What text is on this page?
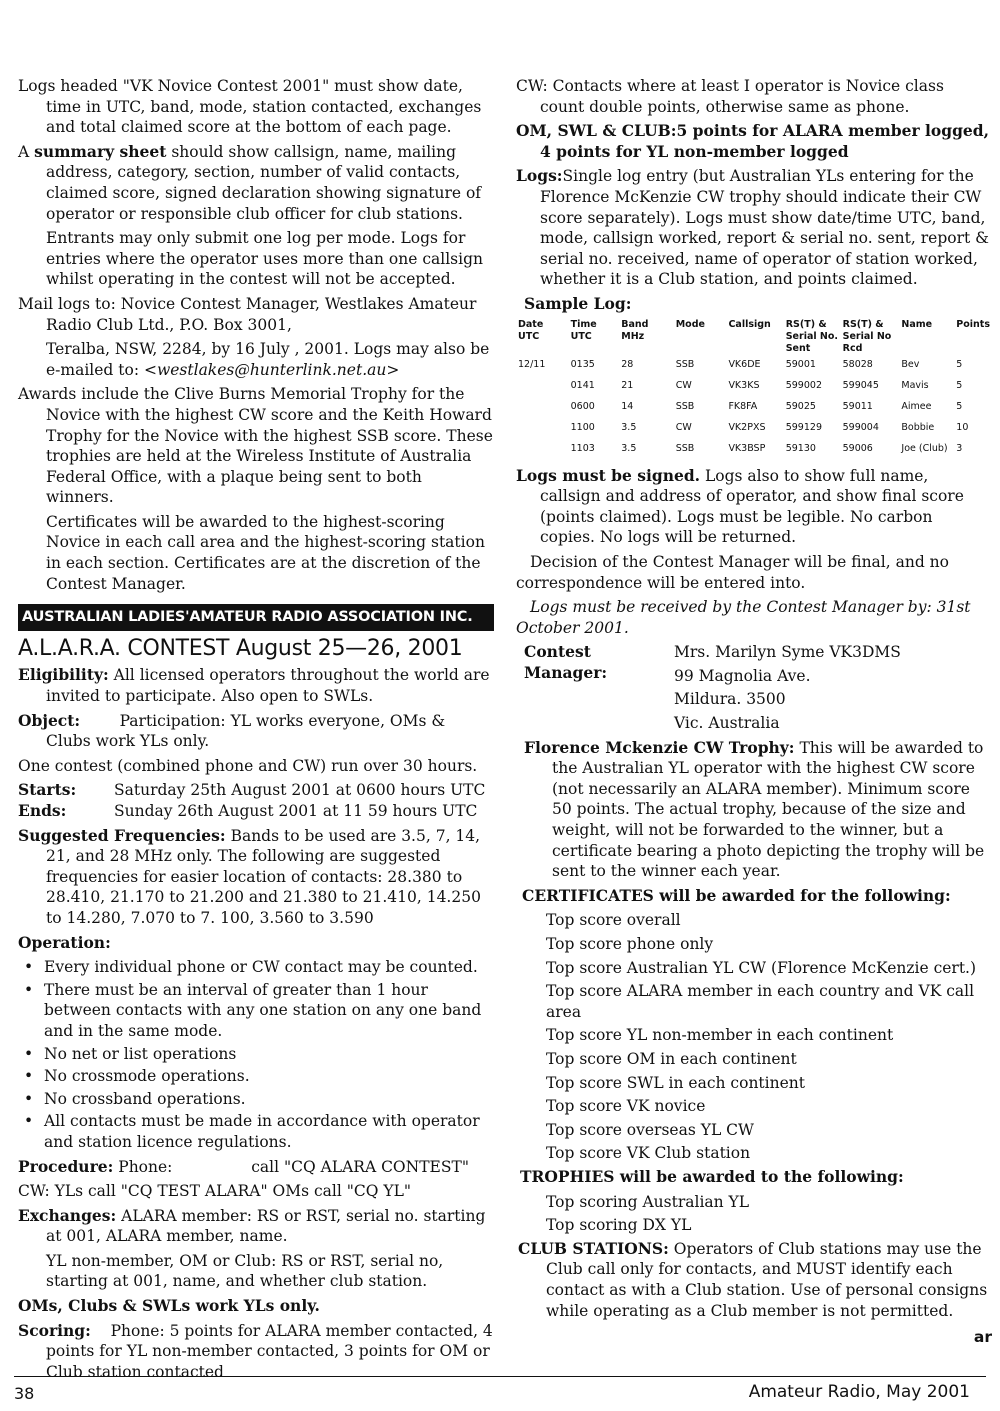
Logs headed "VK Novice Contest 2001" must show date, time in UTC, band, mode, station contacted, exchanges and total claimed score at the bottom of each page.

A summary sheet should show callsign, name, mailing address, category, section, number of valid contacts, claimed score, signed declaration showing signature of operator or responsible club officer for club stations.

Entrants may only submit one log per mode. Logs for entries where the operator uses more than one callsign whilst operating in the contest will not be accepted.

Mail logs to: Novice Contest Manager, Westlakes Amateur Radio Club Ltd., P.O. Box 3001,

Teralba, NSW, 2284, by 16 July , 2001. Logs may also be e-mailed to: <westlakes@hunterlink.net.au>

Awards include the Clive Burns Memorial Trophy for the Novice with the highest CW score and the Keith Howard Trophy for the Novice with the highest SSB score. These trophies are held at the Wireless Institute of Australia Federal Office, with a plaque being sent to both winners.

Certificates will be awarded to the highest-scoring Novice in each call area and the highest-scoring station in each section. Certificates are at the discretion of the Contest Manager.

AUSTRALIAN LADIES'AMATEUR RADIO ASSOCIATION INC.
A.L.A.R.A. CONTEST August 25—26, 2001

Eligibility: All licensed operators throughout the world are invited to participate. Also open to SWLs.

Object:	Participation: YL works everyone, OMs & Clubs work YLs only.

One contest (combined phone and CW) run over 30 hours.

Starts:	Saturday 25th August 2001 at 0600 hours UTC
Ends:	Sunday 26th August 2001 at 11 59 hours UTC

Suggested Frequencies: Bands to be used are 3.5, 7, 14, 21, and 28 MHz only. The following are suggested frequencies for easier location of contacts: 28.380 to 28.410, 21.170 to 21.200 and 21.380 to 21.410, 14.250 to 14.280, 7.070 to 7. 100, 3.560 to 3.590

Operation:

• Every individual phone or CW contact may be counted.
• There must be an interval of greater than 1 hour between contacts with any one station on any one band and in the same mode.
• No net or list operations
• No crossmode operations.
• No crossband operations.
• All contacts must be made in accordance with operator and station licence regulations.

Procedure: Phone:                call "CQ ALARA CONTEST"

CW: YLs call "CQ TEST ALARA" OMs call "CQ YL"

Exchanges: ALARA member: RS or RST, serial no. starting at 001, ALARA member, name.

YL non-member, OM or Club: RS or RST, serial no, starting at 001, name, and whether club station.

OMs, Clubs & SWLs work YLs only.

Scoring: Phone: 5 points for ALARA member contacted, 4 points for YL non-member contacted, 3 points for OM or Club station contacted

CW: Contacts where at least I operator is Novice class count double points, otherwise same as phone.

OM, SWL & CLUB:5 points for ALARA member logged, 4 points for YL non-member logged

Logs:Single log entry (but Australian YLs entering for the Florence McKenzie CW trophy should indicate their CW score separately). Logs must show date/time UTC, band, mode, callsign worked, report & serial no. sent, report & serial no. received, name of operator of station worked, whether it is a Club station, and points claimed.

Sample Log:

Date UTC	Time UTC	Band MHz	Mode	Callsign	RS(T) & Serial No. Sent	RS(T) & Serial No Rcd	Name	Points
12/11	0135	28	SSB	VK6DE	59001	58028	Bev	5
	0141	21	CW	VK3KS	599002	599045	Mavis	5
	0600	14	SSB	FK8FA	59025	59011	Aimee	5
	1100	3.5	CW	VK2PXS	599129	599004	Bobbie	10
	1103	3.5	SSB	VK3BSP	59130	59006	Joe (Club)	3

Logs must be signed. Logs also to show full name, callsign and address of operator, and show final score (points claimed). Logs must be legible. No carbon copies. No logs will be returned.

Decision of the Contest Manager will be final, and no correspondence will be entered into.

Logs must be received by the Contest Manager by: 31st October 2001.

Contest Manager:
Mrs. Marilyn Syme VK3DMS
99 Magnolia Ave.
Mildura. 3500
Vic. Australia

Florence Mckenzie CW Trophy: This will be awarded to the Australian YL operator with the highest CW score (not necessarily an ALARA member). Minimum score 50 points. The actual trophy, because of the size and weight, will not be forwarded to the winner, but a certificate bearing a photo depicting the trophy will be sent to the winner each year.

CERTIFICATES will be awarded for the following:

Top score overall

Top score phone only

Top score Australian YL CW (Florence McKenzie cert.)

Top score ALARA member in each country and VK call area

Top score YL non-member in each continent

Top score OM in each continent

Top score SWL in each continent

Top score VK novice

Top score overseas YL CW

Top score VK Club station

TROPHIES will be awarded to the following:

Top scoring Australian YL

Top scoring DX YL

CLUB STATIONS: Operators of Club stations may use the Club call only for contacts, and MUST identify each contact as with a Club station. Use of personal consigns while operating as a Club member is not permitted.

ar
38	Amateur Radio, May 2001
